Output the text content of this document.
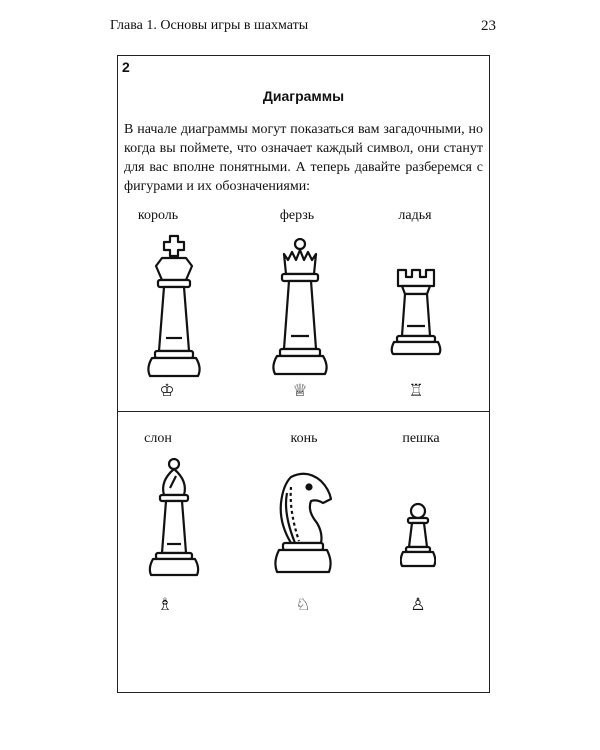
Глава 1. Основы игры в шахматы	23
2
Диаграммы

В начале диаграммы могут показаться вам загадочными, но когда вы поймете, что означает каждый символ, они станут для вас вполне понятными. А теперь давайте разберемся с фигурами и их обозначениями:

король	ферзь	ладья
♔	♕	♖
слон	конь	пешка
♗	♘	♙
